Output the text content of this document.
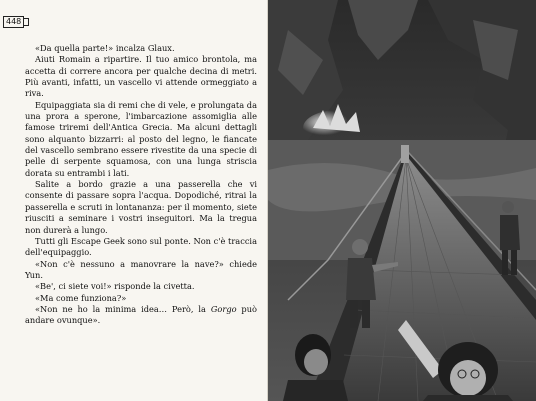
448

«Da quella parte!» incalza Glaux.

Aiuti Romain a ripartire. Il tuo amico brontola, ma accetta di correre ancora per qualche decina di metri. Più avanti, infatti, un vascello vi attende ormeggiato a riva.

Equipaggiata sia di remi che di vele, e prolungata da una prora a sperone, l'imbarcazione assomiglia alle famose triremi dell'Antica Grecia. Ma alcuni dettagli sono alquanto bizzarri: al posto del legno, le fiancate del vascello sembrano essere rivestite da una specie di pelle di serpente squamosa, con una lunga striscia dorata su entrambi i lati.

Salite a bordo grazie a una passerella che vi consente di passare sopra l'acqua. Dopodiché, ritrai la passerella e scruti in lontananza: per il momento, siete riusciti a seminare i vostri inseguitori. Ma la tregua non durerà a lungo.

Tutti gli Escape Geek sono sul ponte. Non c'è traccia dell'equipaggio.

«Non c'è nessuno a manovrare la nave?» chiede Yun.

«Be', ci siete voi!» risponde la civetta.

«Ma come funziona?»

«Non ne ho la minima idea… Però, la Gorgo può andare ovunque».
